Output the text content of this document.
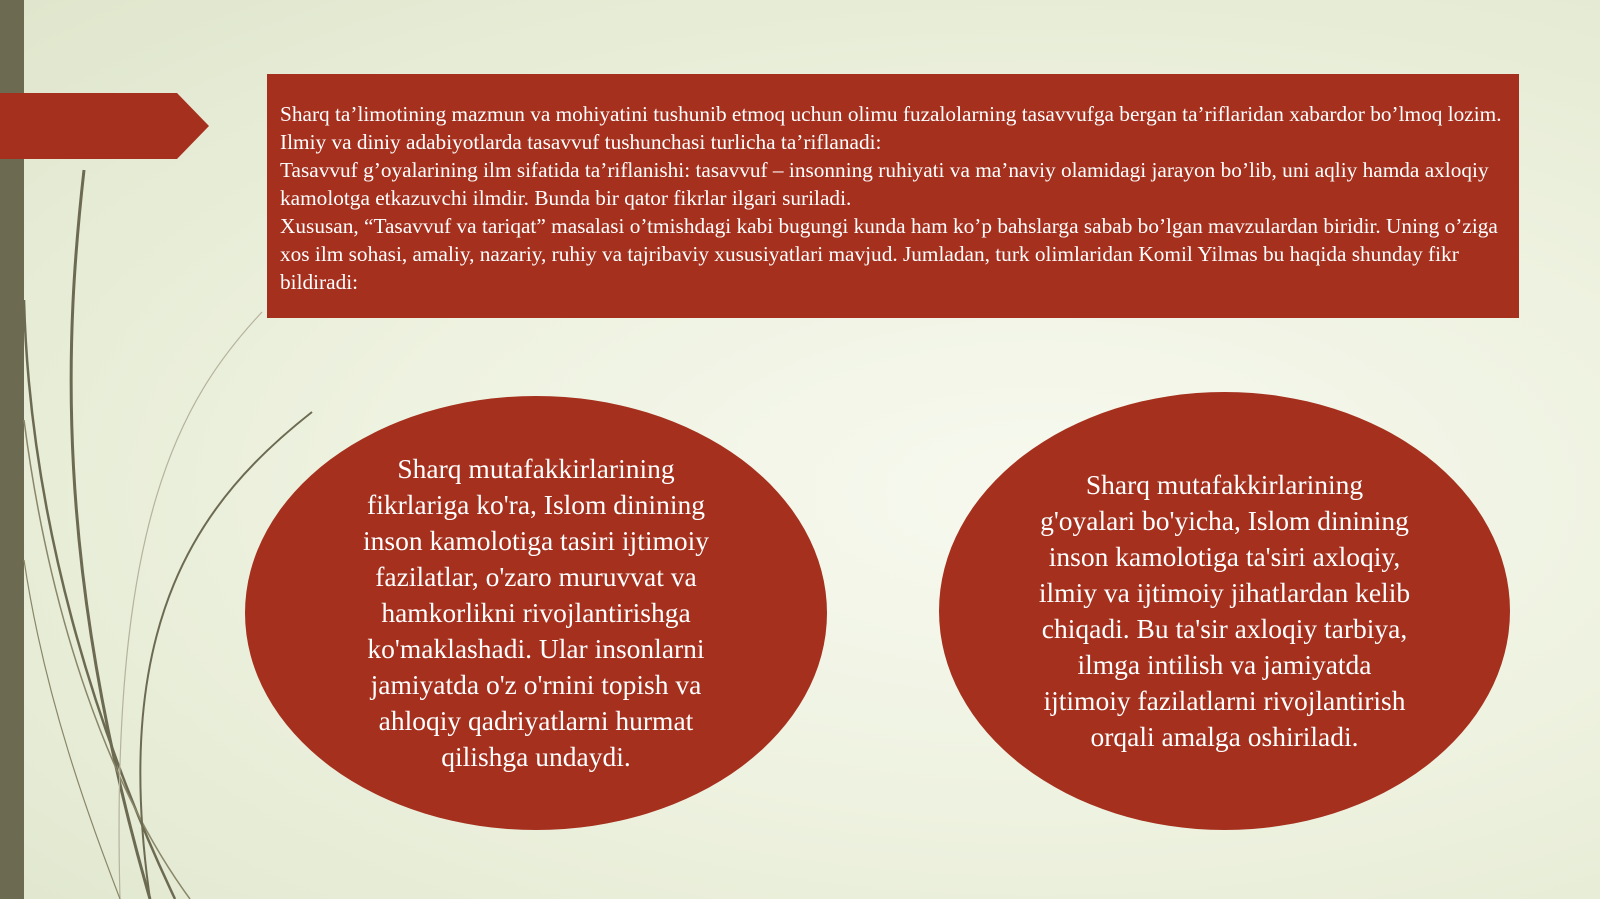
Sharq ta’limotining mazmun va mohiyatini tushunib etmoq uchun olimu fuzalolarning tasavvufga bergan ta’riflaridan xabardor bo’lmoq lozim. Ilmiy va diniy adabiyotlarda tasavvuf tushunchasi turlicha ta’riflanadi:

Tasavvuf g’oyalarining ilm sifatida ta’riflanishi: tasavvuf – insonning ruhiyati va ma’naviy olamidagi jarayon bo’lib, uni aqliy hamda axloqiy kamolotga etkazuvchi ilmdir. Bunda bir qator fikrlar ilgari suriladi.

Xususan, “Tasavvuf va tariqat” masalasi o’tmishdagi kabi bugungi kunda ham ko’p bahslarga sabab bo’lgan mavzulardan biridir. Uning o’ziga xos ilm sohasi, amaliy, nazariy, ruhiy va tajribaviy xususiyatlari mavjud. Jumladan, turk olimlaridan Komil Yilmas bu haqida shunday fikr bildiradi:

Sharq mutafakkirlarining fikrlariga ko'ra, Islom dinining inson kamolotiga tasiri ijtimoiy fazilatlar, o'zaro muruvvat va hamkorlikni rivojlantirishga ko'maklashadi. Ular insonlarni jamiyatda o'z o'rnini topish va ahloqiy qadriyatlarni hurmat qilishga undaydi.
Sharq mutafakkirlarining g'oyalari bo'yicha, Islom dinining inson kamolotiga ta'siri axloqiy, ilmiy va ijtimoiy jihatlardan kelib chiqadi. Bu ta'sir axloqiy tarbiya, ilmga intilish va jamiyatda ijtimoiy fazilatlarni rivojlantirish orqali amalga oshiriladi.
